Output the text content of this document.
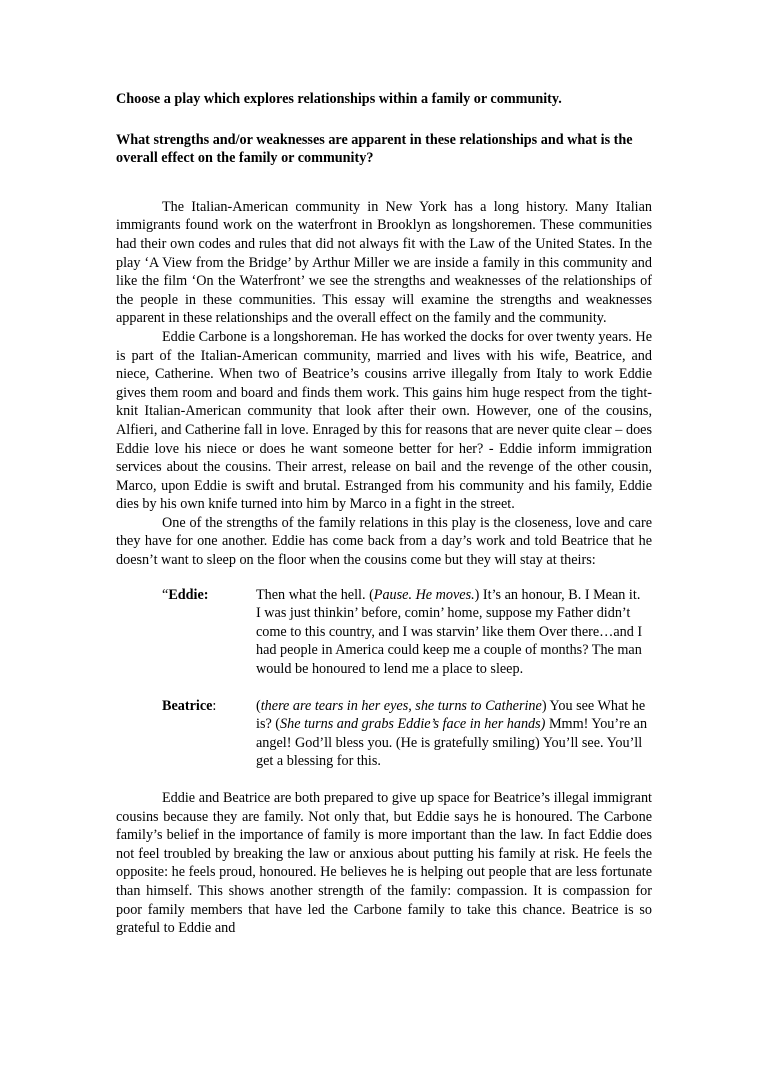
Choose a play which explores relationships within a family or community.
What strengths and/or weaknesses are apparent in these relationships and what is the overall effect on the family or community?

The Italian-American community in New York has a long history. Many Italian immigrants found work on the waterfront in Brooklyn as longshoremen. These communities had their own codes and rules that did not always fit with the Law of the United States. In the play ‘A View from the Bridge’ by Arthur Miller we are inside a family in this community and like the film ‘On the Waterfront’ we see the strengths and weaknesses of the relationships of the people in these communities. This essay will examine the strengths and weaknesses apparent in these relationships and the overall effect on the family and the community.

Eddie Carbone is a longshoreman. He has worked the docks for over twenty years. He is part of the Italian-American community, married and lives with his wife, Beatrice, and niece, Catherine. When two of Beatrice’s cousins arrive illegally from Italy to work Eddie gives them room and board and finds them work. This gains him huge respect from the tight-knit Italian-American community that look after their own. However, one of the cousins, Alfieri, and Catherine fall in love. Enraged by this for reasons that are never quite clear – does Eddie love his niece or does he want someone better for her? - Eddie inform immigration services about the cousins. Their arrest, release on bail and the revenge of the other cousin, Marco, upon Eddie is swift and brutal. Estranged from his community and his family, Eddie dies by his own knife turned into him by Marco in a fight in the street.

One of the strengths of the family relations in this play is the closeness, love and care they have for one another. Eddie has come back from a day’s work and told Beatrice that he doesn’t want to sleep on the floor when the cousins come but they will stay at theirs:

“Eddie:	Then what the hell. (Pause. He moves.) It’s an honour, B. I Mean it. I was just thinkin’ before, comin’ home, suppose my Father didn’t come to this country, and I was starvin’ like them Over there…and I had people in America could keep me a couple of months? The man would be honoured to lend me a place to sleep.
Beatrice:	(there are tears in her eyes, she turns to Catherine) You see What he is? (She turns and grabs Eddie’s face in her hands) Mmm! You’re an angel! God’ll bless you. (He is gratefully smiling) You’ll see. You’ll get a blessing for this.

Eddie and Beatrice are both prepared to give up space for Beatrice’s illegal immigrant cousins because they are family. Not only that, but Eddie says he is honoured. The Carbone family’s belief in the importance of family is more important than the law. In fact Eddie does not feel troubled by breaking the law or anxious about putting his family at risk. He feels the opposite: he feels proud, honoured. He believes he is helping out people that are less fortunate than himself. This shows another strength of the family: compassion. It is compassion for poor family members that have led the Carbone family to take this chance. Beatrice is so grateful to Eddie and
